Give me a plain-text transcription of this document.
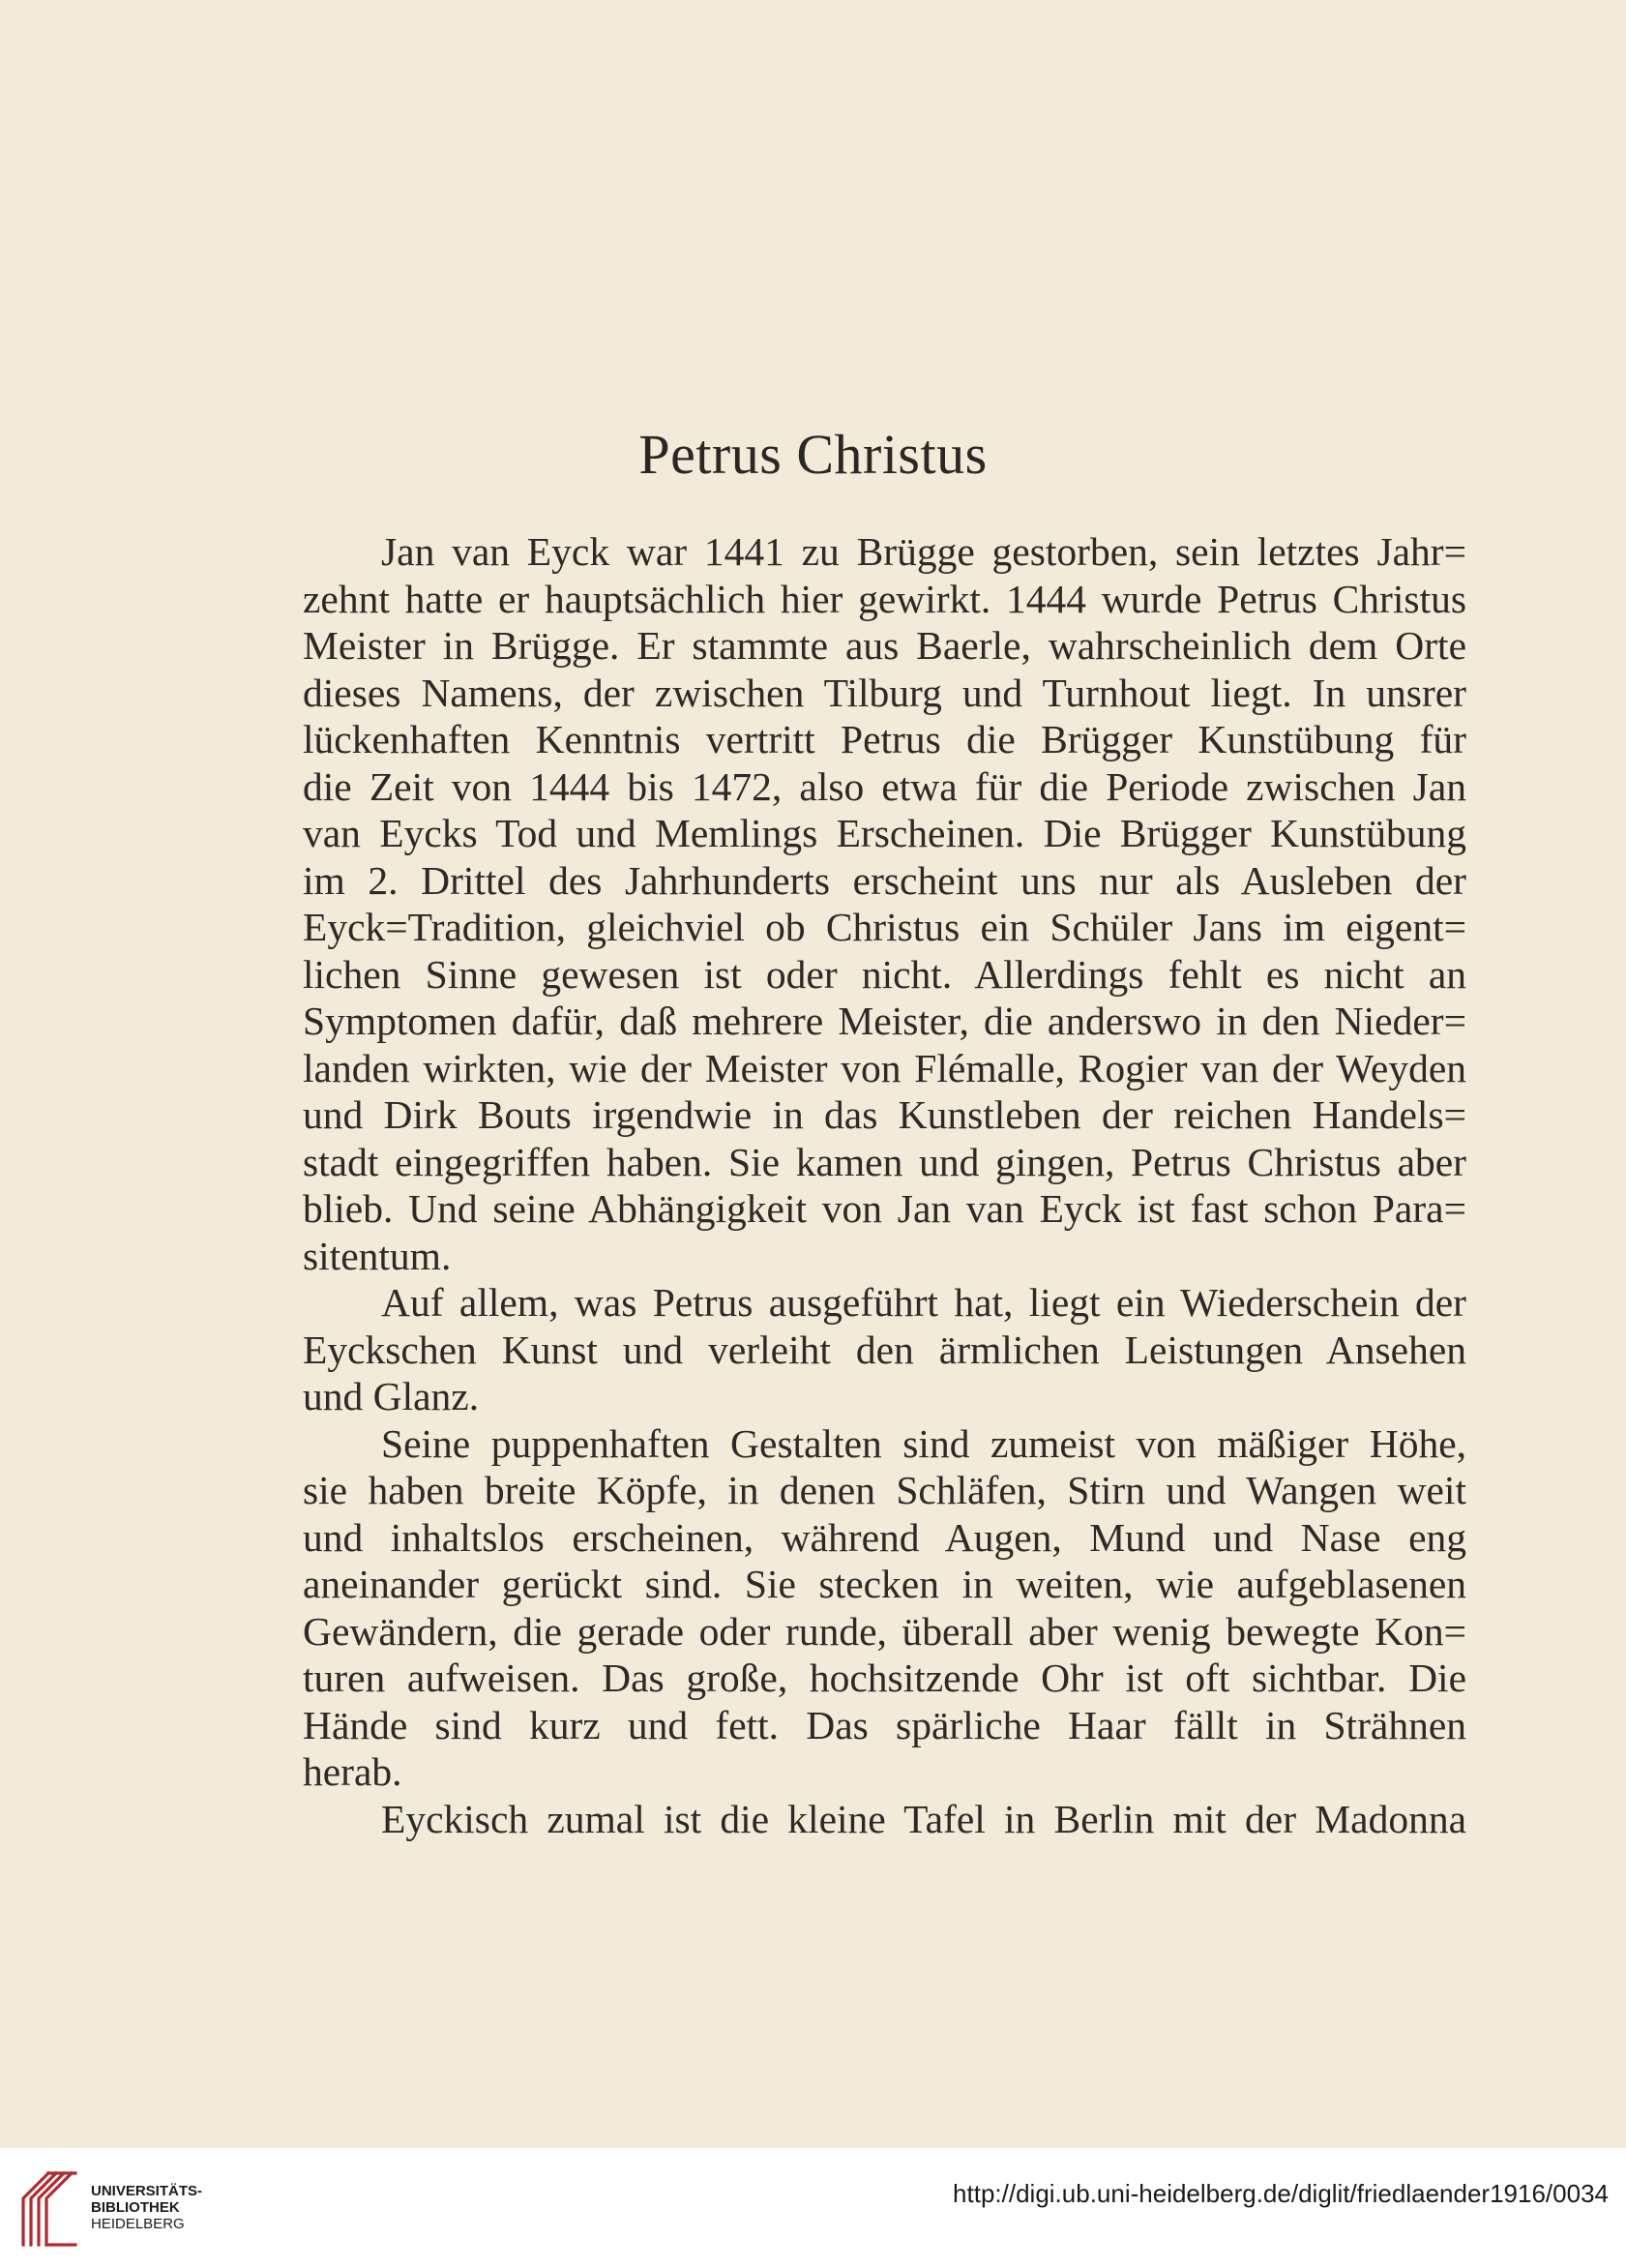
Petrus Christus
Jan van Eyck war 1441 zu Brügge gestorben, sein letztes Jahr=
zehnt hatte er hauptsächlich hier gewirkt. 1444 wurde Petrus Christus
Meister in Brügge. Er stammte aus Baerle, wahrscheinlich dem Orte
dieses Namens, der zwischen Tilburg und Turnhout liegt. In unsrer
lückenhaften Kenntnis vertritt Petrus die Brügger Kunstübung für
die Zeit von 1444 bis 1472, also etwa für die Periode zwischen Jan
van Eycks Tod und Memlings Erscheinen. Die Brügger Kunstübung
im 2. Drittel des Jahrhunderts erscheint uns nur als Ausleben der
Eyck=Tradition, gleichviel ob Christus ein Schüler Jans im eigent=
lichen Sinne gewesen ist oder nicht. Allerdings fehlt es nicht an
Symptomen dafür, daß mehrere Meister, die anderswo in den Nieder=
landen wirkten, wie der Meister von Flémalle, Rogier van der Weyden
und Dirk Bouts irgendwie in das Kunstleben der reichen Handels=
stadt eingegriffen haben. Sie kamen und gingen, Petrus Christus aber
blieb. Und seine Abhängigkeit von Jan van Eyck ist fast schon Para=
sitentum.
Auf allem, was Petrus ausgeführt hat, liegt ein Wiederschein der
Eyckschen Kunst und verleiht den ärmlichen Leistungen Ansehen
und Glanz.
Seine puppenhaften Gestalten sind zumeist von mäßiger Höhe,
sie haben breite Köpfe, in denen Schläfen, Stirn und Wangen weit
und inhaltslos erscheinen, während Augen, Mund und Nase eng
aneinander gerückt sind. Sie stecken in weiten, wie aufgeblasenen
Gewändern, die gerade oder runde, überall aber wenig bewegte Kon=
turen aufweisen. Das große, hochsitzende Ohr ist oft sichtbar. Die
Hände sind kurz und fett. Das spärliche Haar fällt in Strähnen
herab.
Eyckisch zumal ist die kleine Tafel in Berlin mit der Madonna
UNIVERSITÄTS-
BIBLIOTHEK
HEIDELBERG
http://digi.ub.uni-heidelberg.de/diglit/friedlaender1916/0034
